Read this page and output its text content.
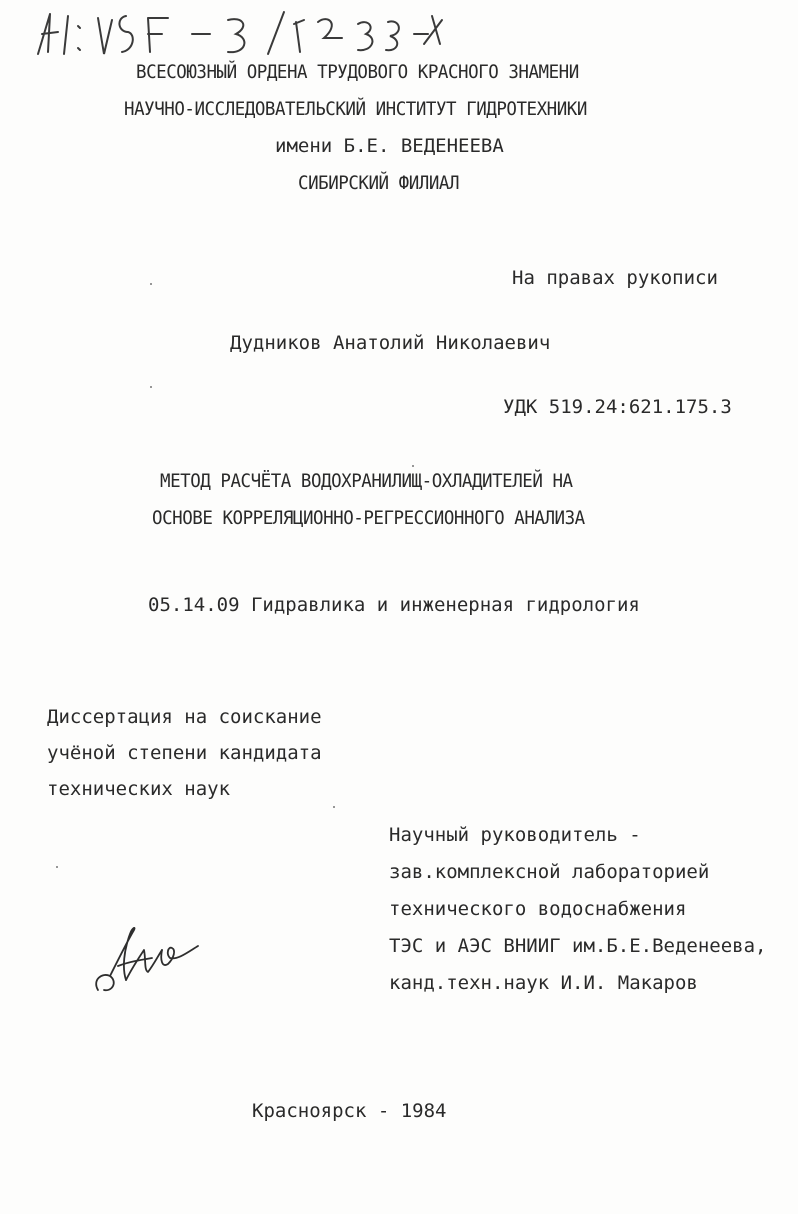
Н1: 305 - 3/1838 - 9	ВСЕСОЮЗНЫЙ ОРДЕНА ТРУДОВОГО КРАСНОГО ЗНАМЕНИ
НАУЧНО-ИССЛЕДОВАТЕЛЬСКИЙ ИНСТИТУТ ГИДРОТЕХНИКИ
имени Б.Е. ВЕДЕНЕЕВА
СИБИРСКИЙ ФИЛИАЛ
На правах рукописи
Дудников Анатолий Николаевич
УДК 519.24:621.175.3
МЕТОД РАСЧЁТА ВОДОХРАНИЛИЩ-ОХЛАДИТЕЛЕЙ НА
ОСНОВЕ КОРРЕЛЯЦИОННО-РЕГРЕССИОННОГО АНАЛИЗА
05.14.09 Гидравлика и инженерная гидрология
Диссертация на соискание
учёной степени кандидата
технических наук
Научный руководитель -
зав.комплексной лабораторией
технического водоснабжения
ТЭС и АЭС ВНИИГ им.Б.Е.Веденеева,
канд.техн.наук И.И. Макаров
Красноярск - 1984
